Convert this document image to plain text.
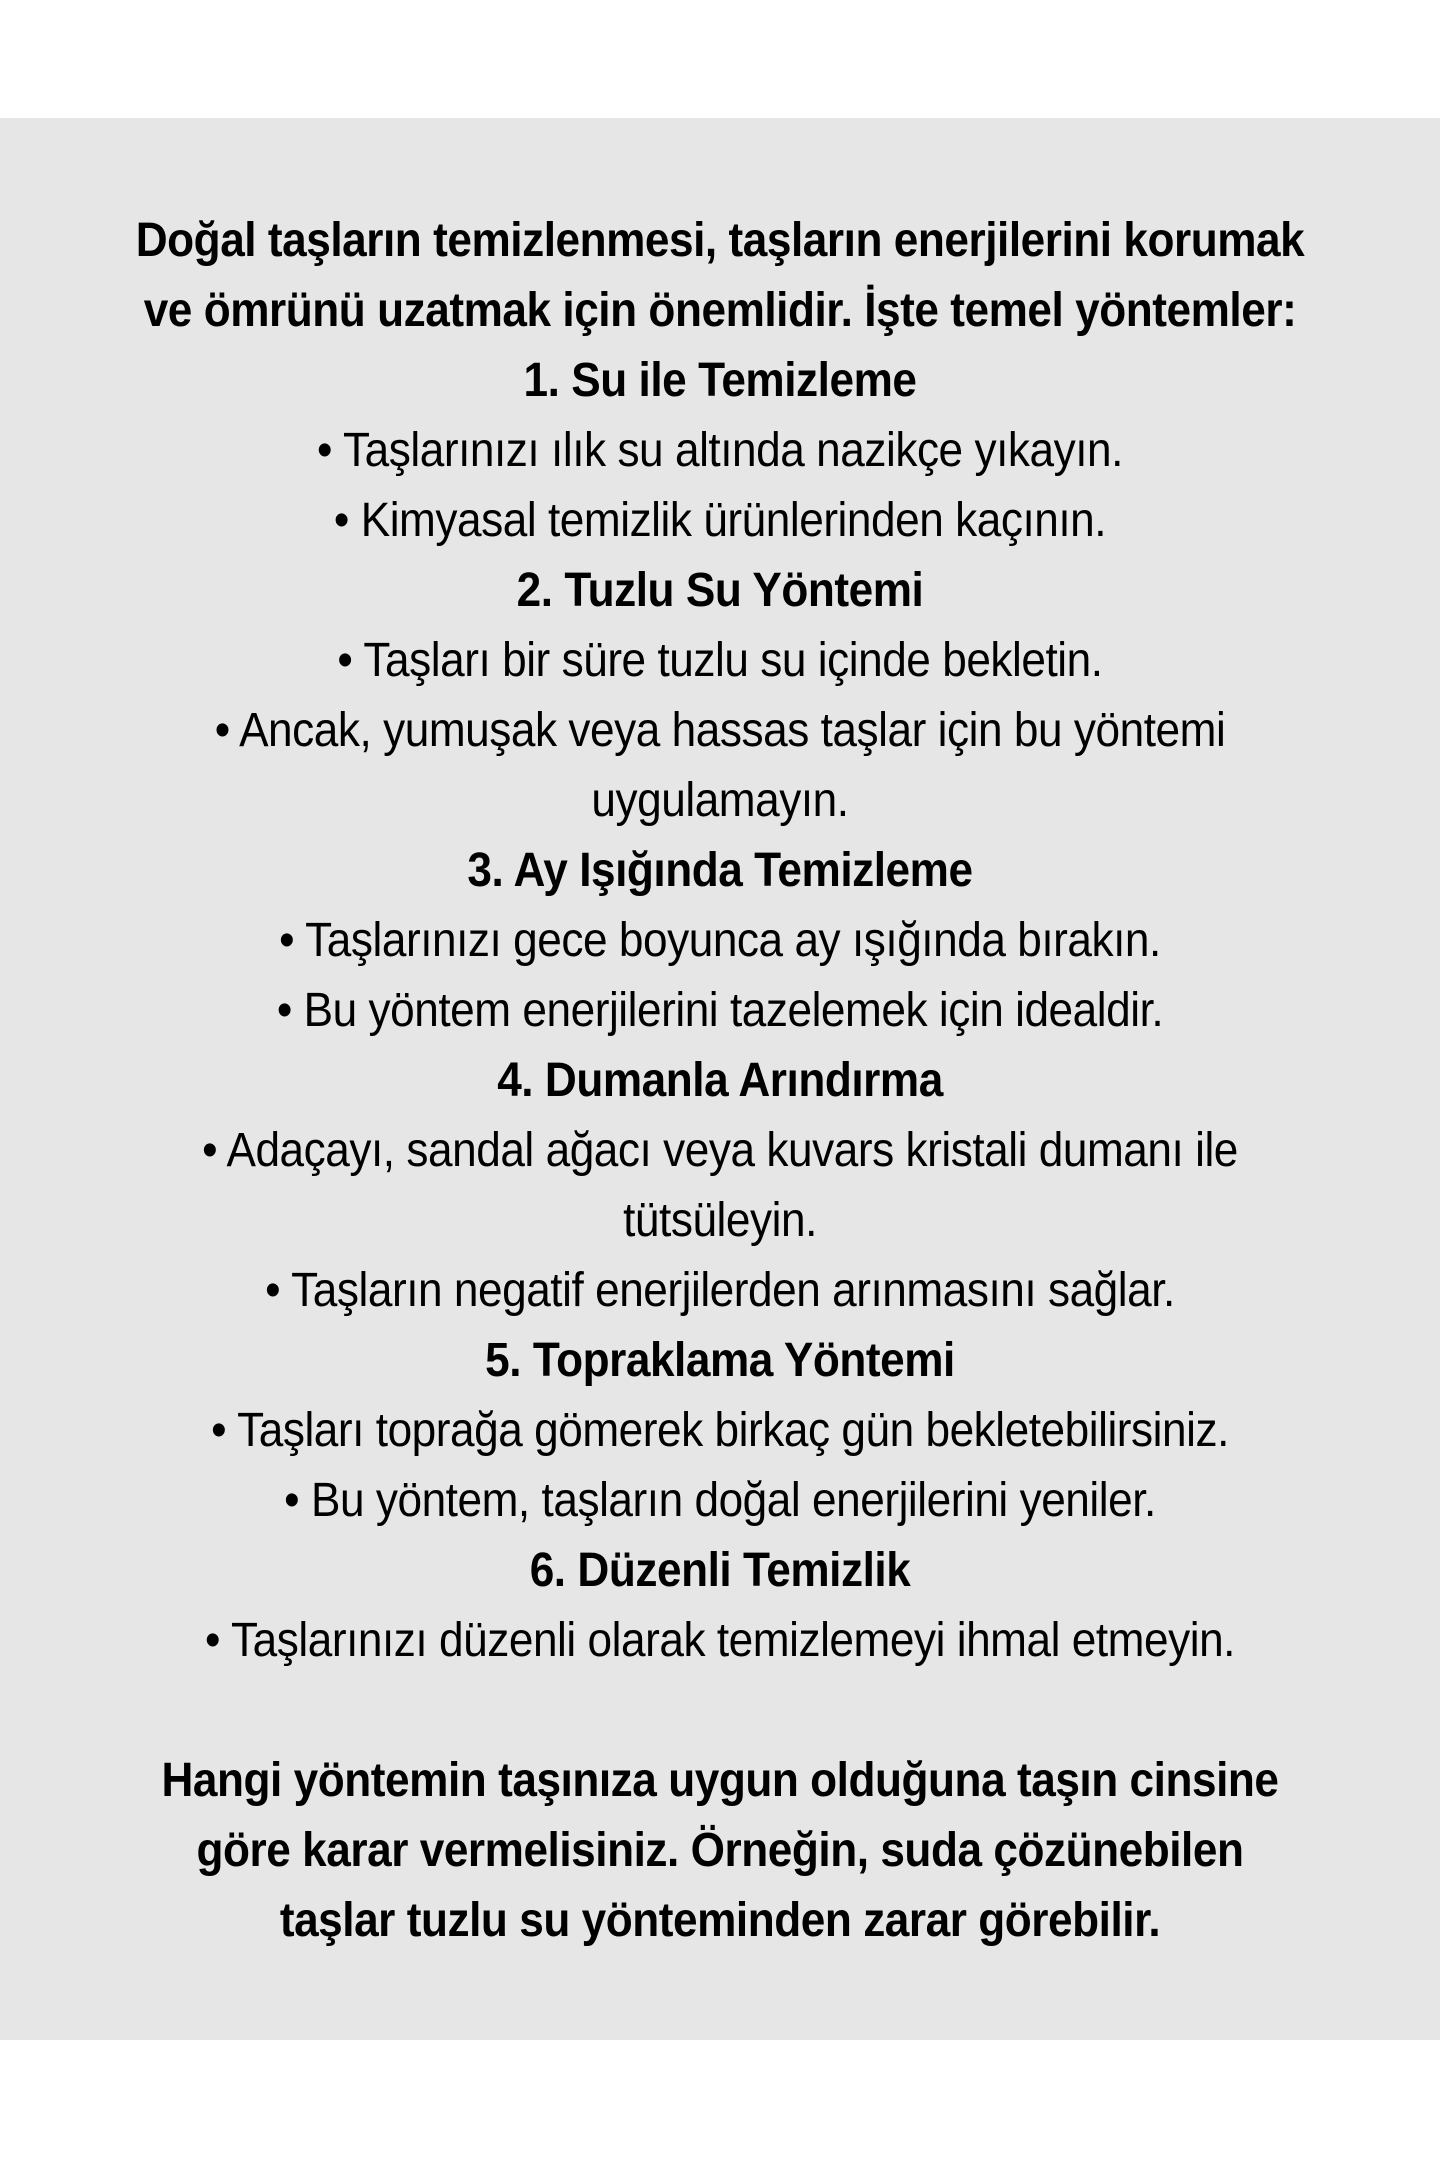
Doğal taşların temizlenmesi, taşların enerjilerini korumak
ve ömrünü uzatmak için önemlidir. İşte temel yöntemler:
1. Su ile Temizleme
• Taşlarınızı ılık su altında nazikçe yıkayın.
• Kimyasal temizlik ürünlerinden kaçının.
2. Tuzlu Su Yöntemi
• Taşları bir süre tuzlu su içinde bekletin.
• Ancak, yumuşak veya hassas taşlar için bu yöntemi
uygulamayın.
3. Ay Işığında Temizleme
• Taşlarınızı gece boyunca ay ışığında bırakın.
• Bu yöntem enerjilerini tazelemek için idealdir.
4. Dumanla Arındırma
• Adaçayı, sandal ağacı veya kuvars kristali dumanı ile
tütsüleyin.
• Taşların negatif enerjilerden arınmasını sağlar.
5. Topraklama Yöntemi
• Taşları toprağa gömerek birkaç gün bekletebilirsiniz.
• Bu yöntem, taşların doğal enerjilerini yeniler.
6. Düzenli Temizlik
• Taşlarınızı düzenli olarak temizlemeyi ihmal etmeyin.
Hangi yöntemin taşınıza uygun olduğuna taşın cinsine
göre karar vermelisiniz. Örneğin, suda çözünebilen
taşlar tuzlu su yönteminden zarar görebilir.
